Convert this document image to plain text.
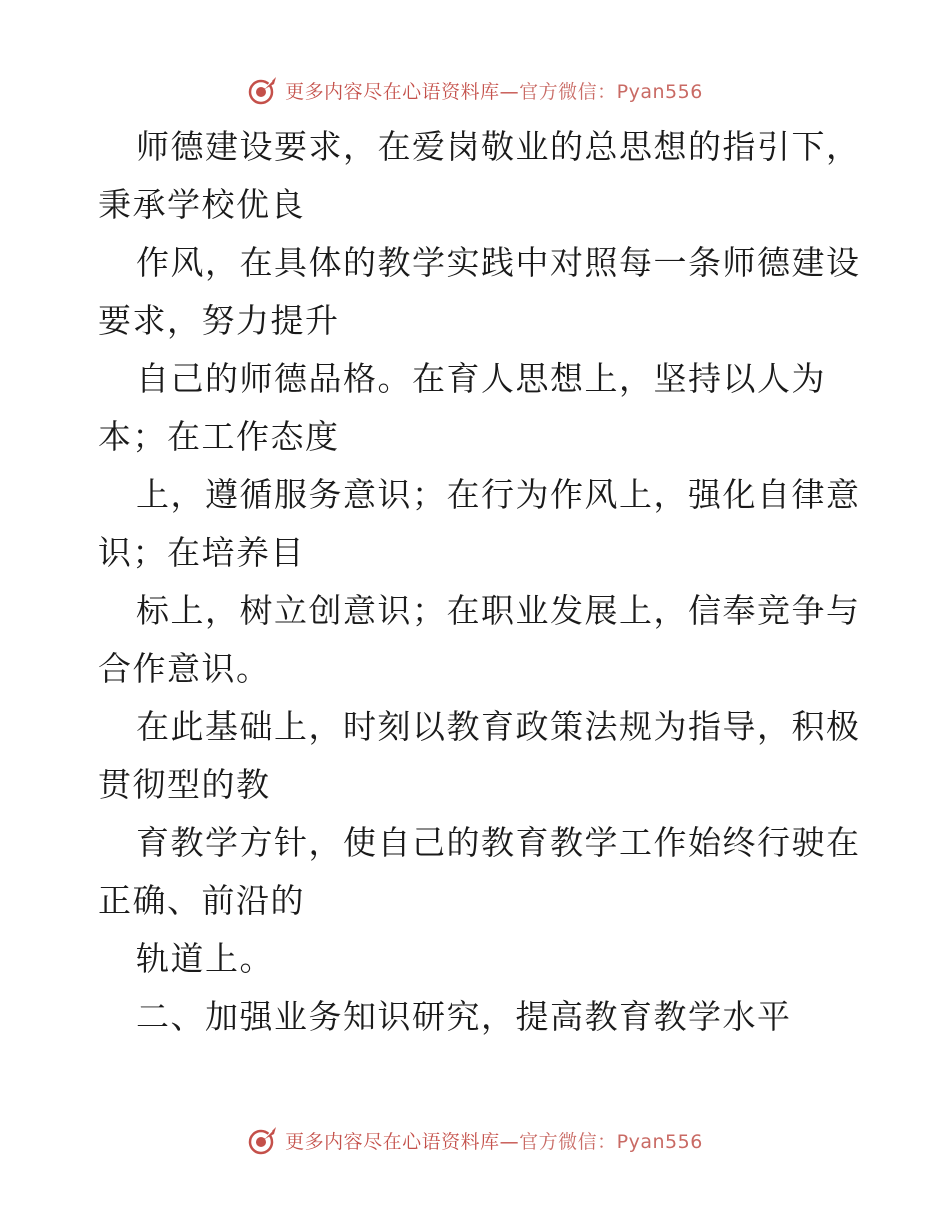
更多内容尽在心语资料库—官方微信：Pyan556
师德建设要求，在爱岗敬业的总思想的指引下，
秉承学校优良
作风，在具体的教学实践中对照每一条师德建设
要求，努力提升
自己的师德品格。在育人思想上，坚持以人为
本；在工作态度
上，遵循服务意识；在行为作风上，强化自律意
识；在培养目
标上，树立创意识；在职业发展上，信奉竞争与
合作意识。
在此基础上，时刻以教育政策法规为指导，积极
贯彻型的教
育教学方针，使自己的教育教学工作始终行驶在
正确、前沿的
轨道上。
二、加强业务知识研究，提高教育教学水平
更多内容尽在心语资料库—官方微信：Pyan556
